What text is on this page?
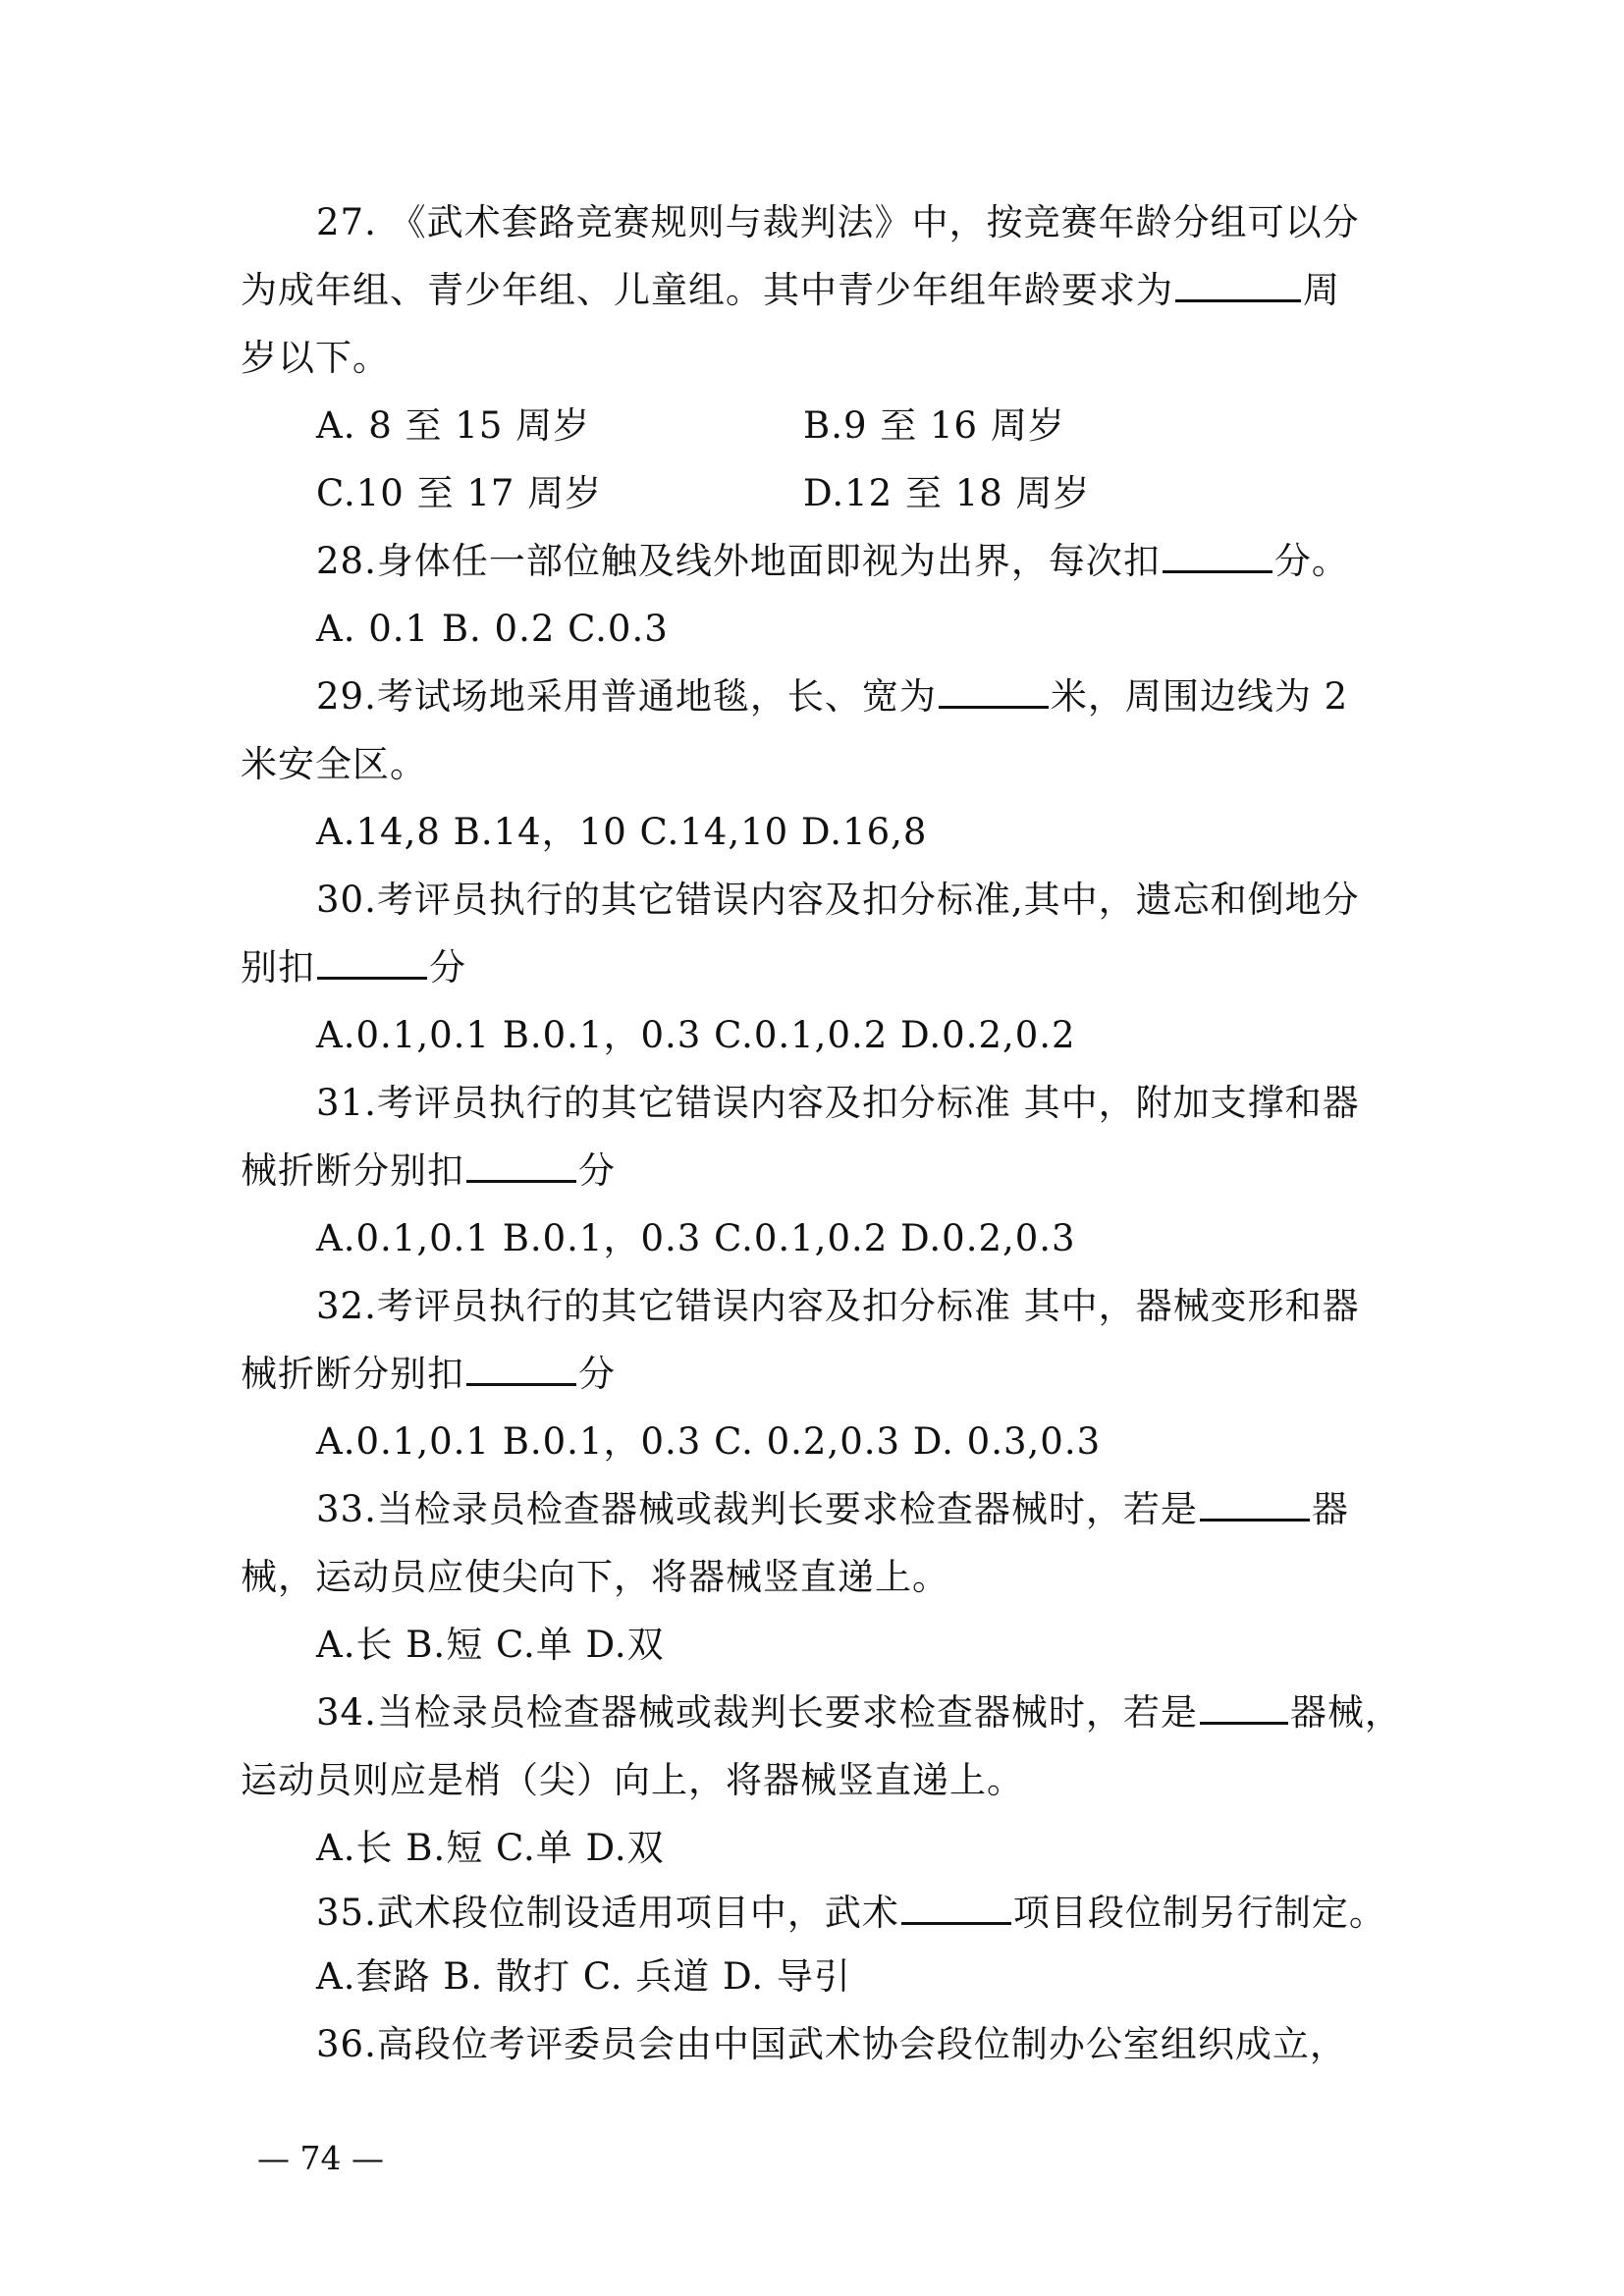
27. 《武术套路竞赛规则与裁判法》中，按竞赛年龄分组可以分
为成年组、青少年组、儿童组。其中青少年组年龄要求为	周
岁以下。
A. 8 至 15 周岁	B.9 至 16 周岁
C.10 至 17 周岁	D.12 至 18 周岁
28.身体任一部位触及线外地面即视为出界，每次扣	分。
A. 0.1 B. 0.2 C.0.3
29.考试场地采用普通地毯，长、宽为	米，周围边线为 2
米安全区。
A.14,8 B.14，10 C.14,10 D.16,8
30.考评员执行的其它错误内容及扣分标准,其中，遗忘和倒地分
别扣	分
A.0.1,0.1 B.0.1，0.3 C.0.1,0.2 D.0.2,0.2
31.考评员执行的其它错误内容及扣分标准 其中，附加支撑和器
械折断分别扣	分
A.0.1,0.1 B.0.1，0.3 C.0.1,0.2 D.0.2,0.3
32.考评员执行的其它错误内容及扣分标准 其中，器械变形和器
械折断分别扣	分
A.0.1,0.1 B.0.1，0.3 C. 0.2,0.3 D. 0.3,0.3
33.当检录员检查器械或裁判长要求检查器械时，若是	器
械，运动员应使尖向下，将器械竖直递上。
A.长 B.短 C.单 D.双
34.当检录员检查器械或裁判长要求检查器械时，若是	器械，
运动员则应是梢（尖）向上，将器械竖直递上。
A.长 B.短 C.单 D.双
35.武术段位制设适用项目中，武术	项目段位制另行制定。
A.套路 B. 散打 C. 兵道 D. 导引
36.高段位考评委员会由中国武术协会段位制办公室组织成立，
— 74 —
